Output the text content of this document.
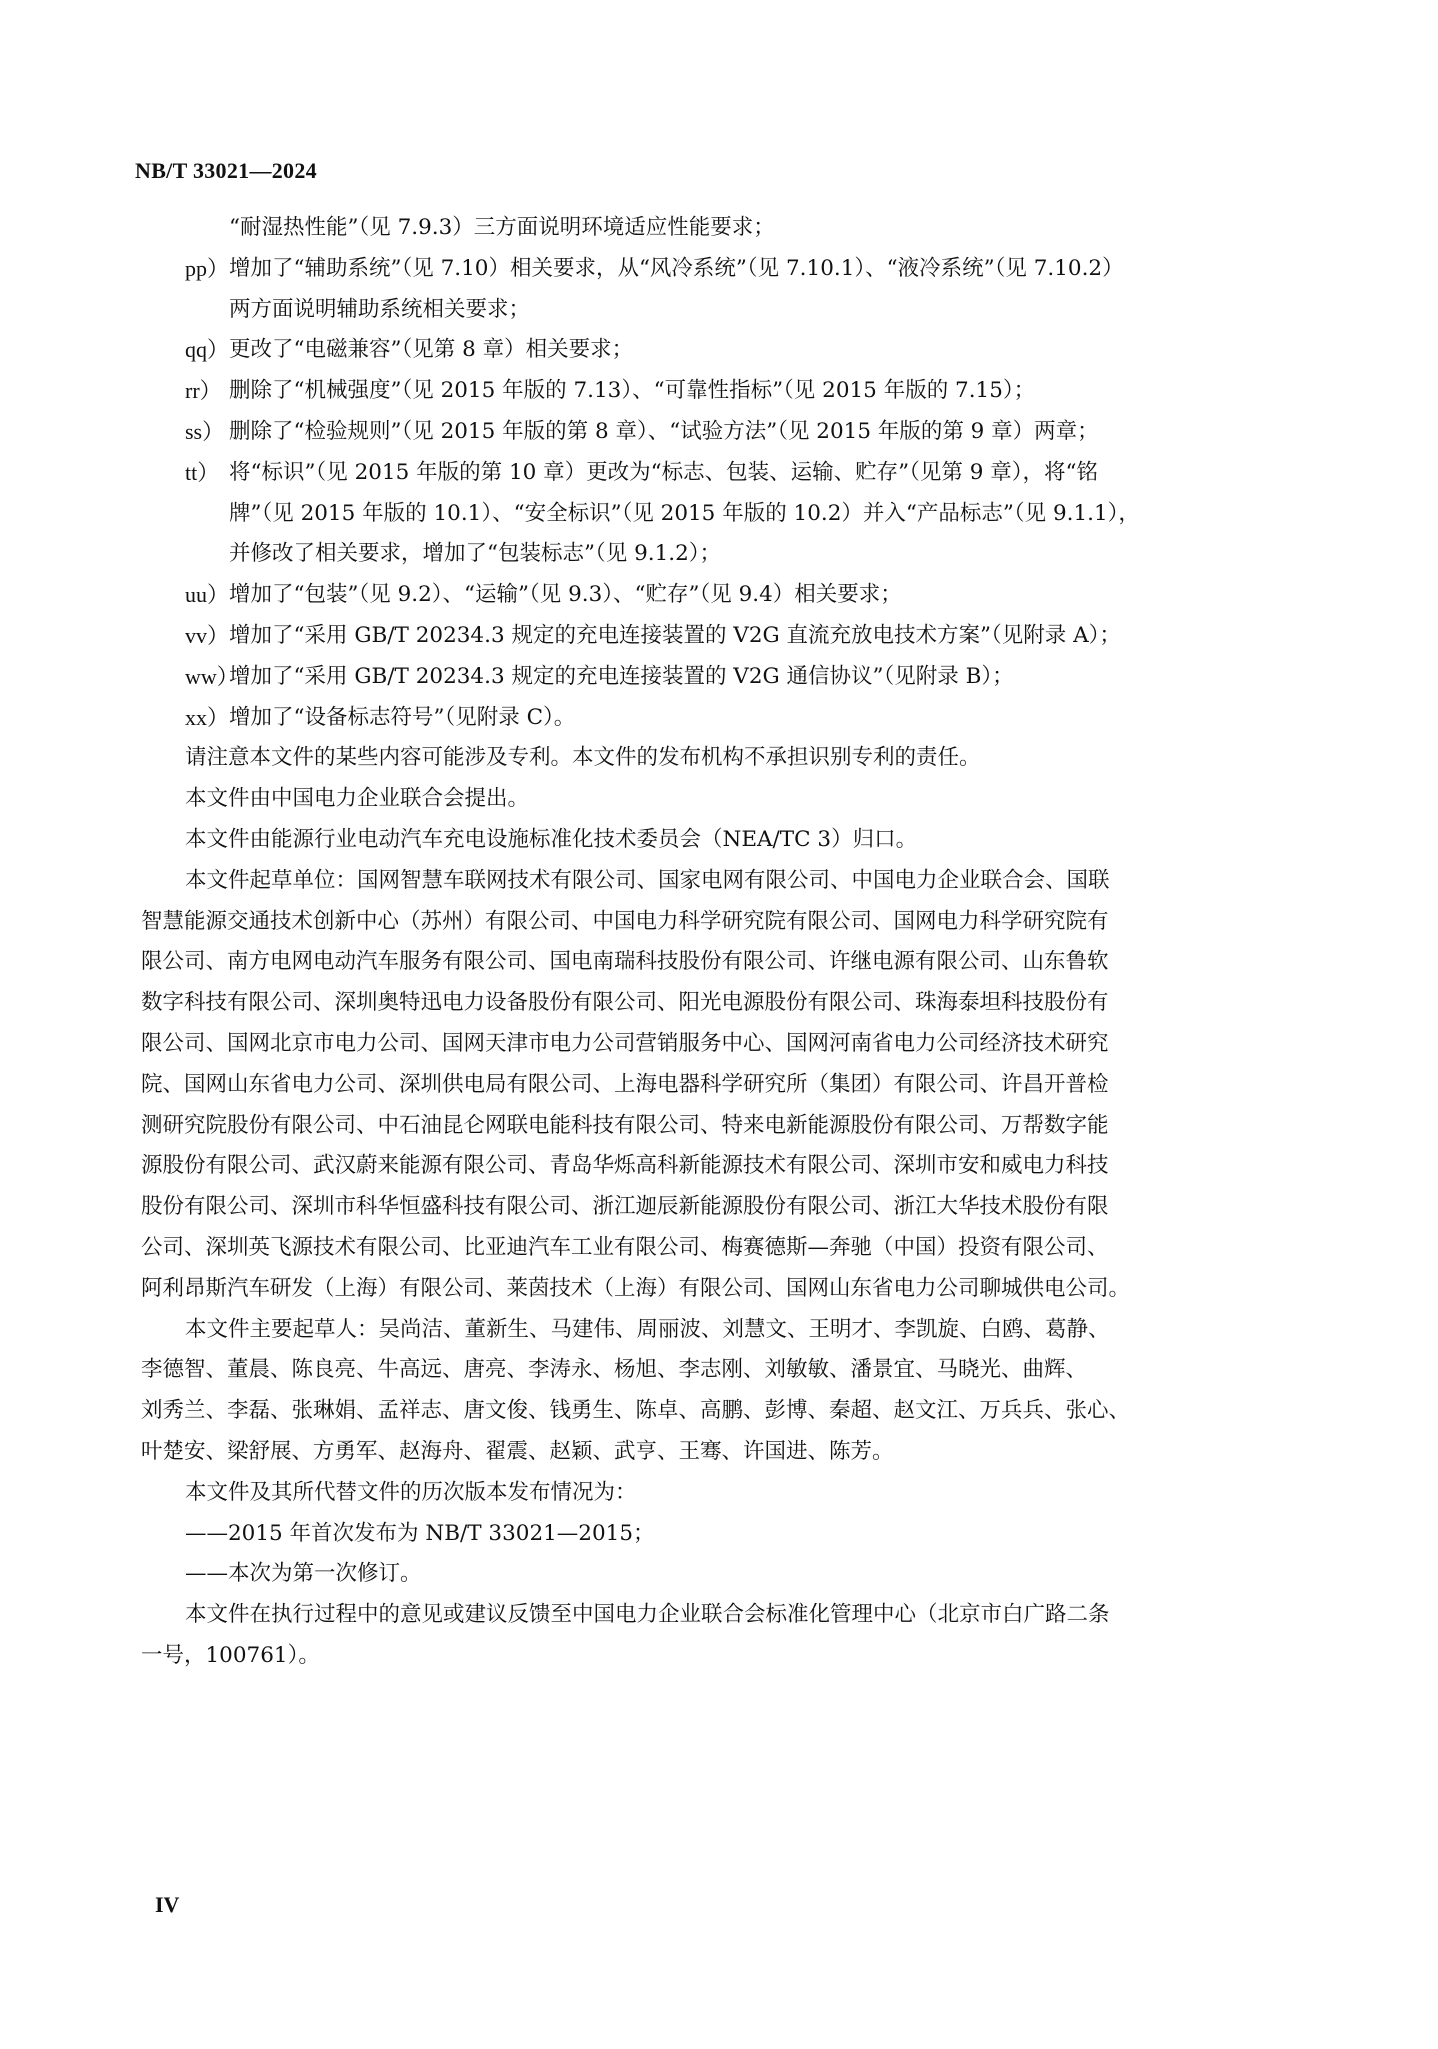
NB/T 33021—2024
“耐湿热性能”（见 7.9.3）三方面说明环境适应性能要求；
pp） 增加了“辅助系统”（见 7.10）相关要求，从“风冷系统”（见 7.10.1）、“液冷系统”（见 7.10.2）
两方面说明辅助系统相关要求；
qq） 更改了“电磁兼容”（见第 8 章）相关要求；
rr） 删除了“机械强度”（见 2015 年版的 7.13）、“可靠性指标”（见 2015 年版的 7.15）；
ss） 删除了“检验规则”（见 2015 年版的第 8 章）、“试验方法”（见 2015 年版的第 9 章）两章；
tt） 将“标识”（见 2015 年版的第 10 章）更改为“标志、包装、运输、贮存”（见第 9 章），将“铭
牌”（见 2015 年版的 10.1）、“安全标识”（见 2015 年版的 10.2）并入“产品标志”（见 9.1.1），
并修改了相关要求，增加了“包装标志”（见 9.1.2）；
uu） 增加了“包装”（见 9.2）、“运输”（见 9.3）、“贮存”（见 9.4）相关要求；
vv） 增加了“采用 GB/T 20234.3 规定的充电连接装置的 V2G 直流充放电技术方案”（见附录 A）；
ww）
增加了“采用 GB/T 20234.3 规定的充电连接装置的 V2G 通信协议”（见附录 B）；
xx） 增加了“设备标志符号”（见附录 C）。
请注意本文件的某些内容可能涉及专利。本文件的发布机构不承担识别专利的责任。
本文件由中国电力企业联合会提出。
本文件由能源行业电动汽车充电设施标准化技术委员会（NEA/TC 3）归口。
本文件起草单位：国网智慧车联网技术有限公司、国家电网有限公司、中国电力企业联合会、国联
智慧能源交通技术创新中心（苏州）有限公司、中国电力科学研究院有限公司、国网电力科学研究院有
限公司、南方电网电动汽车服务有限公司、国电南瑞科技股份有限公司、许继电源有限公司、山东鲁软
数字科技有限公司、深圳奥特迅电力设备股份有限公司、阳光电源股份有限公司、珠海泰坦科技股份有
限公司、国网北京市电力公司、国网天津市电力公司营销服务中心、国网河南省电力公司经济技术研究
院、国网山东省电力公司、深圳供电局有限公司、上海电器科学研究所（集团）有限公司、许昌开普检
测研究院股份有限公司、中石油昆仑网联电能科技有限公司、特来电新能源股份有限公司、万帮数字能
源股份有限公司、武汉蔚来能源有限公司、青岛华烁高科新能源技术有限公司、深圳市安和威电力科技
股份有限公司、深圳市科华恒盛科技有限公司、浙江迦辰新能源股份有限公司、浙江大华技术股份有限
公司、深圳英飞源技术有限公司、比亚迪汽车工业有限公司、梅赛德斯—奔驰（中国）投资有限公司、
阿利昂斯汽车研发（上海）有限公司、莱茵技术（上海）有限公司、国网山东省电力公司聊城供电公司。
本文件主要起草人：吴尚洁、董新生、马建伟、周丽波、刘慧文、王明才、李凯旋、白鸥、葛静、
李德智、董晨、陈良亮、牛高远、唐亮、李涛永、杨旭、李志刚、刘敏敏、潘景宜、马晓光、曲辉、
刘秀兰、李磊、张琳娟、孟祥志、唐文俊、钱勇生、陈卓、高鹏、彭博、秦超、赵文江、万兵兵、张心、
叶楚安、梁舒展、方勇军、赵海舟、翟震、赵颖、武亨、王骞、许国进、陈芳。
本文件及其所代替文件的历次版本发布情况为：
——2015 年首次发布为 NB/T 33021—2015；
——本次为第一次修订。
本文件在执行过程中的意见或建议反馈至中国电力企业联合会标准化管理中心（北京市白广路二条
一号，100761）。
IV
